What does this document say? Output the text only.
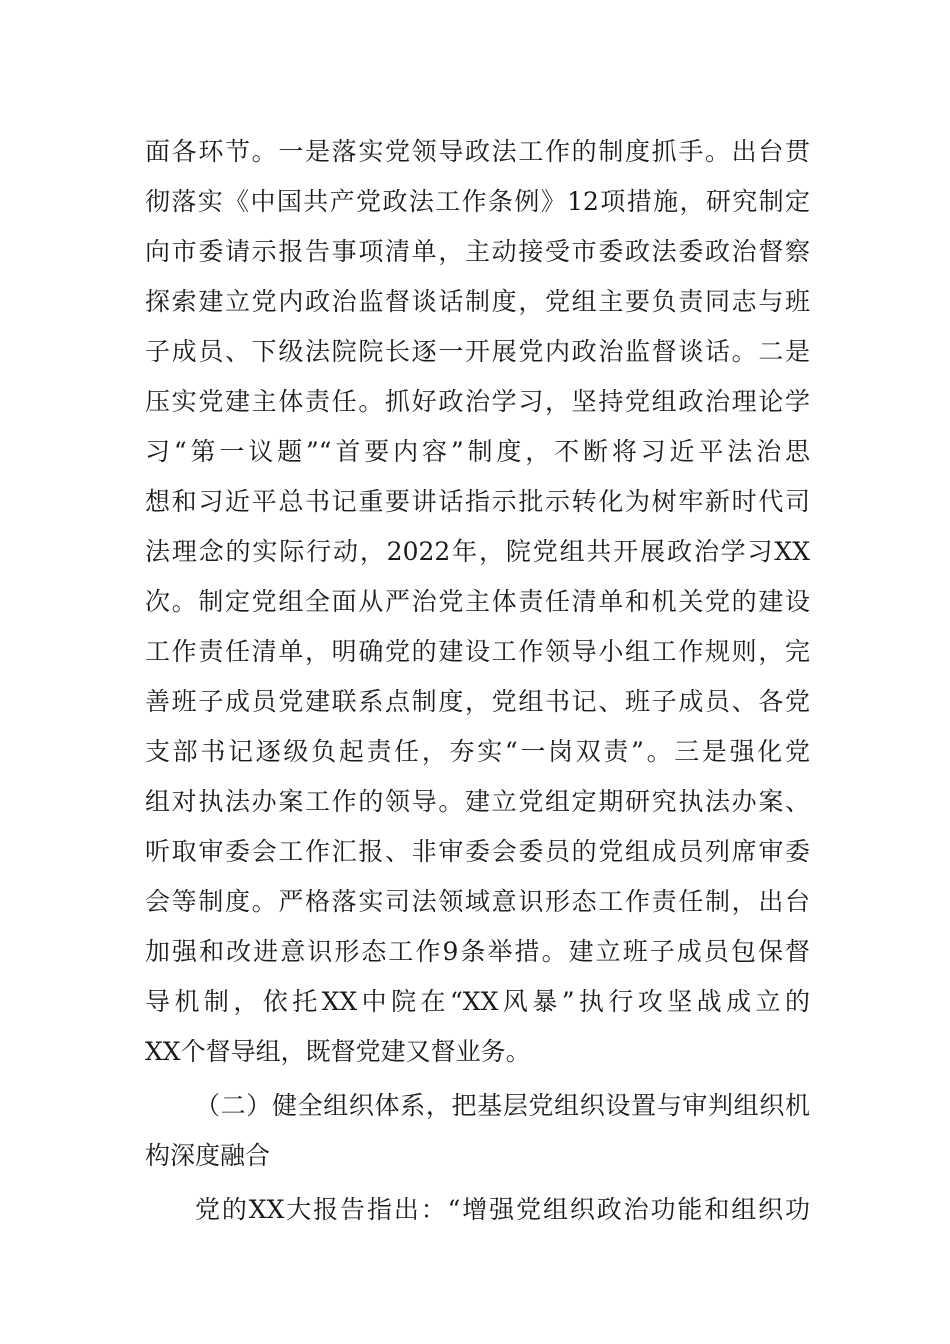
面各环节。一是落实党领导政法工作的制度抓手。出台贯
彻落实《中国共产党政法工作条例》12项措施，研究制定
向市委请示报告事项清单，主动接受市委政法委政治督察
探索建立党内政治监督谈话制度，党组主要负责同志与班
子成员、下级法院院长逐一开展党内政治监督谈话。二是
压实党建主体责任。抓好政治学习，坚持党组政治理论学
习“第一议题”“首要内容”制度，不断将习近平法治思
想和习近平总书记重要讲话指示批示转化为树牢新时代司
法理念的实际行动，2022年，院党组共开展政治学习XX
次。制定党组全面从严治党主体责任清单和机关党的建设
工作责任清单，明确党的建设工作领导小组工作规则，完
善班子成员党建联系点制度，党组书记、班子成员、各党
支部书记逐级负起责任，夯实“一岗双责”。三是强化党
组对执法办案工作的领导。建立党组定期研究执法办案、
听取审委会工作汇报、非审委会委员的党组成员列席审委
会等制度。严格落实司法领域意识形态工作责任制，出台
加强和改进意识形态工作9条举措。建立班子成员包保督
导机制，依托XX中院在“XX风暴”执行攻坚战成立的
XX个督导组，既督党建又督业务。
（二）健全组织体系，把基层党组织设置与审判组织机
构深度融合
党的XX大报告指出：“增强党组织政治功能和组织功
